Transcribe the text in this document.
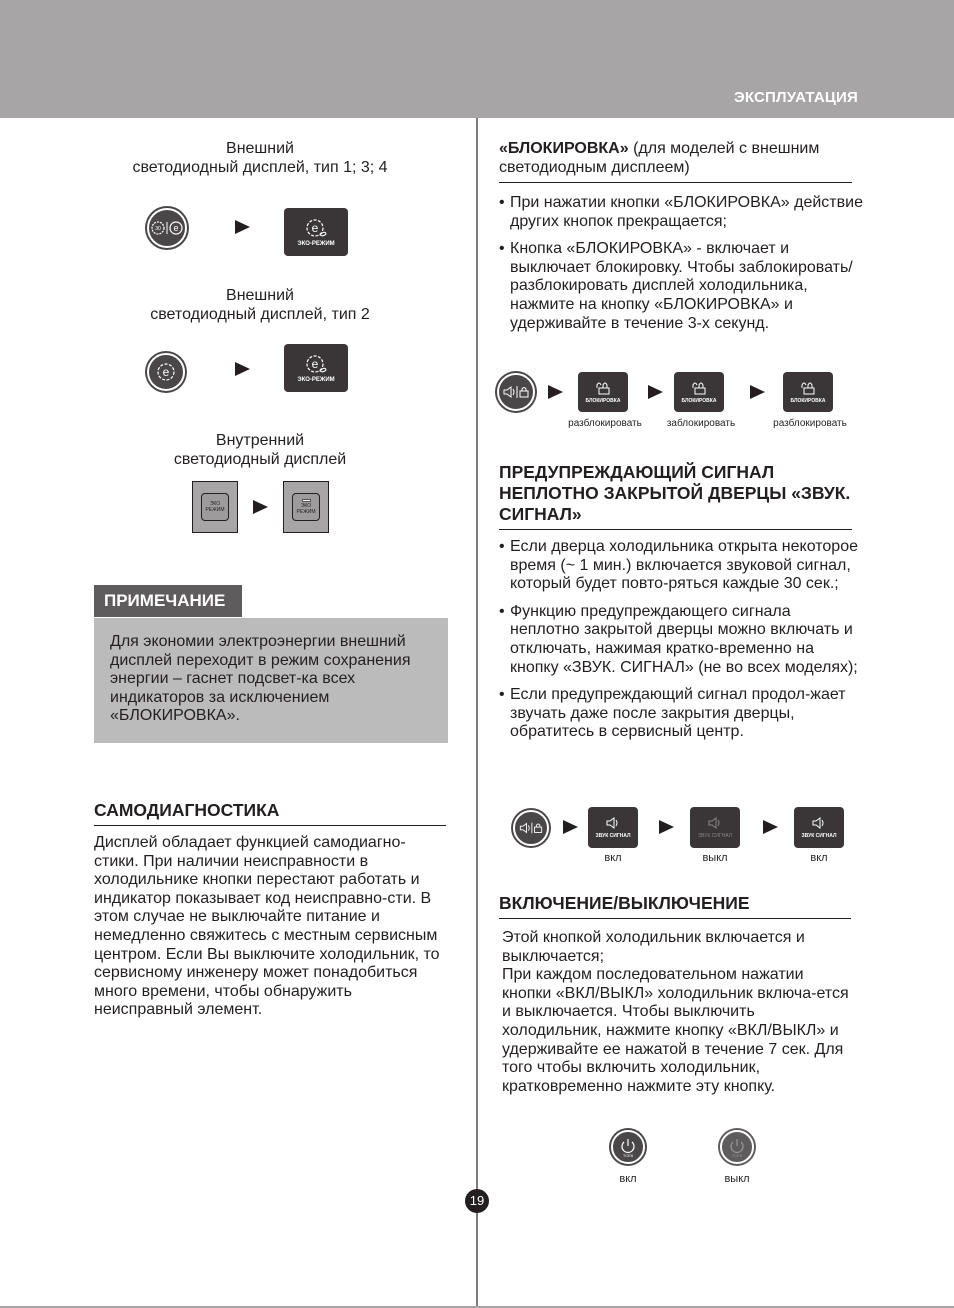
ЭКСПЛУАТАЦИЯ
Внешний
светодиодный дисплей, тип 1; 3; 4
30 e	e
ЭКО-РЕЖИМ
Внешний
светодиодный дисплей, тип 2
e
e
ЭКО-РЕЖИМ
Внутренний
светодиодный дисплей
ЭКО
РЕЖИМ
ЭКО
РЕЖИМ
ПРИМЕЧАНИЕ
Для экономии электроэнергии внешний дисплей переходит в режим сохранения энергии – гаснет подсвет-ка всех индикаторов за исключением «БЛОКИРОВКА».
САМОДИАГНОСТИКА
Дисплей обладает функцией самодиагно-стики. При наличии неисправности в холодильнике кнопки перестают работать и индикатор показывает код неисправно-сти. В этом случае не выключайте питание и немедленно свяжитесь с местным сервисным центром. Если Вы выключите холодильник, то сервисному инженеру может понадобиться много времени, чтобы обнаружить неисправный элемент.
«БЛОКИРОВКА» (для моделей с внешним светодиодным дисплеем)
• При нажатии кнопки «БЛОКИРОВКА» действие других кнопок прекращается;
• Кнопка «БЛОКИРОВКА» - включает и выключает блокировку. Чтобы заблокировать/разблокировать дисплей холодильника, нажмите на кнопку «БЛОКИРОВКА» и удерживайте в течение 3-х секунд.
БЛОКИРОВКА	БЛОКИРОВКА	БЛОКИРОВКА
разблокировать	заблокировать	разблокировать
ПРЕДУПРЕЖДАЮЩИЙ СИГНАЛ НЕПЛОТНО ЗАКРЫТОЙ ДВЕРЦЫ «ЗВУК. СИГНАЛ»
• Если дверца холодильника открыта некоторое время (~ 1 мин.) включается звуковой сигнал, который будет повто-ряться каждые 30 сек.;
• Функцию предупреждающего сигнала неплотно закрытой дверцы можно включать и отключать, нажимая кратко-временно на кнопку «ЗВУК. СИГНАЛ» (не во всех моделях);
• Если предупреждающий сигнал продол-жает звучать даже после закрытия дверцы, обратитесь в сервисный центр.
ЗВУК СИГНАЛ	ЗВУК СИГНАЛ	ЗВУК СИГНАЛ
вкл	выкл	вкл
ВКЛЮЧЕНИЕ/ВЫКЛЮЧЕНИЕ
Этой кнопкой холодильник включается и выключается;
При каждом последовательном нажатии кнопки «ВКЛ/ВЫКЛ» холодильник включа-ется и выключается. Чтобы выключить холодильник, нажмите кнопку «ВКЛ/ВЫКЛ» и удерживайте ее нажатой в течение 7 сек. Для того чтобы включить холодильник, кратковременно нажмите эту кнопку.
ТСЕК	ТСЕК
вкл	выкл
19
